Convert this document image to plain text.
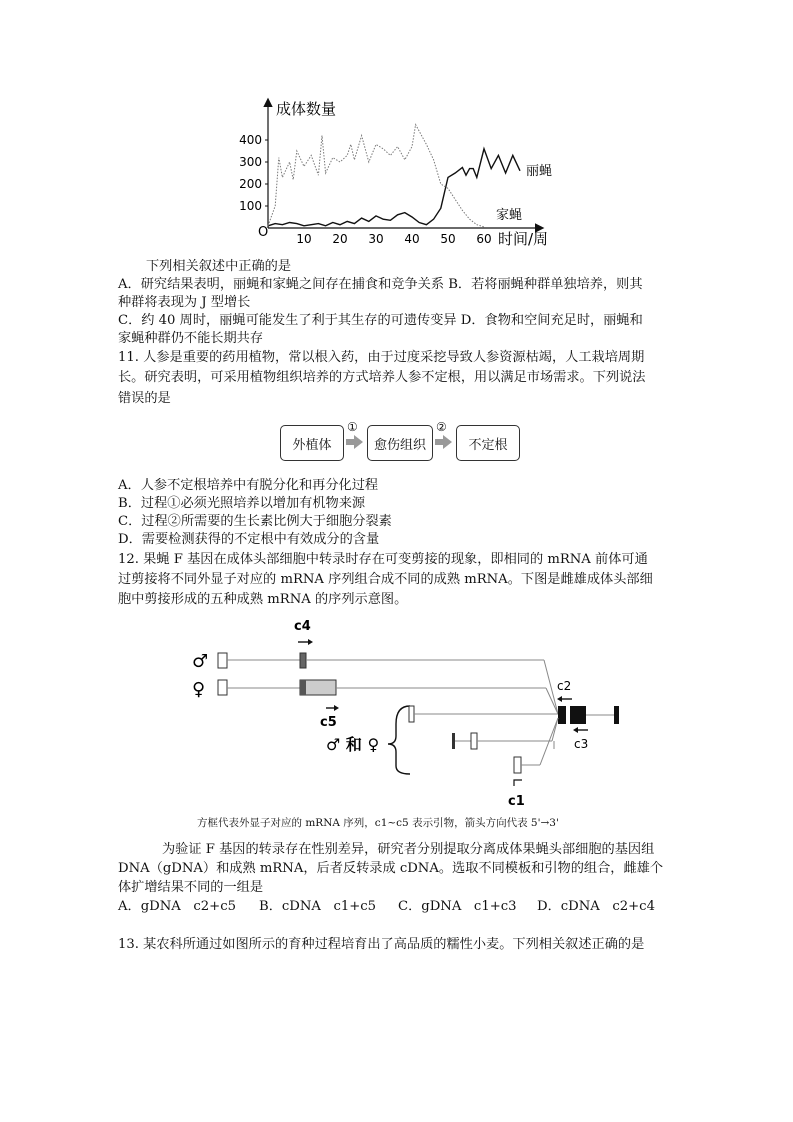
成体数量
时间/周
O
100
200
300
400
10 20 30 40 50 60
丽蝇
家蝇
下列相关叙述中正确的是
A．研究结果表明，丽蝇和家蝇之间存在捕食和竞争关系 B．若将丽蝇种群单独培养，则其
种群将表现为 J 型增长
C．约 40 周时，丽蝇可能发生了利于其生存的可遗传变异 D．食物和空间充足时，丽蝇和
家蝇种群仍不能长期共存
11. 人参是重要的药用植物，常以根入药，由于过度采挖导致人参资源枯竭，人工栽培周期
长。研究表明，可采用植物组织培养的方式培养人参不定根，用以满足市场需求。下列说法
错误的是
外植体
①
愈伤组织
②
不定根
A．人参不定根培养中有脱分化和再分化过程
B．过程①必须光照培养以增加有机物来源
C．过程②所需要的生长素比例大于细胞分裂素
D．需要检测获得的不定根中有效成分的含量
12. 果蝇 F 基因在成体头部细胞中转录时存在可变剪接的现象，即相同的 mRNA 前体可通
过剪接将不同外显子对应的 mRNA 序列组合成不同的成熟 mRNA。下图是雌雄成体头部细
胞中剪接形成的五种成熟 mRNA 的序列示意图。
c4
♂
♀
c5
c2
c3
♂ 和 ♀
c1
方框代表外显子对应的 mRNA 序列，c1~c5 表示引物，箭头方向代表 5'→3'
为验证 F 基因的转录存在性别差异，研究者分别提取分离成体果蝇头部细胞的基因组
DNA（gDNA）和成熟 mRNA，后者反转录成 cDNA。选取不同模板和引物的组合，雌雄个
体扩增结果不同的一组是
A．gDNA   c2+c5 B．cDNA   c1+c5 C．gDNA   c1+c3 D．cDNA   c2+c4
13. 某农科所通过如图所示的育种过程培育出了高品质的糯性小麦。下列相关叙述正确的是
